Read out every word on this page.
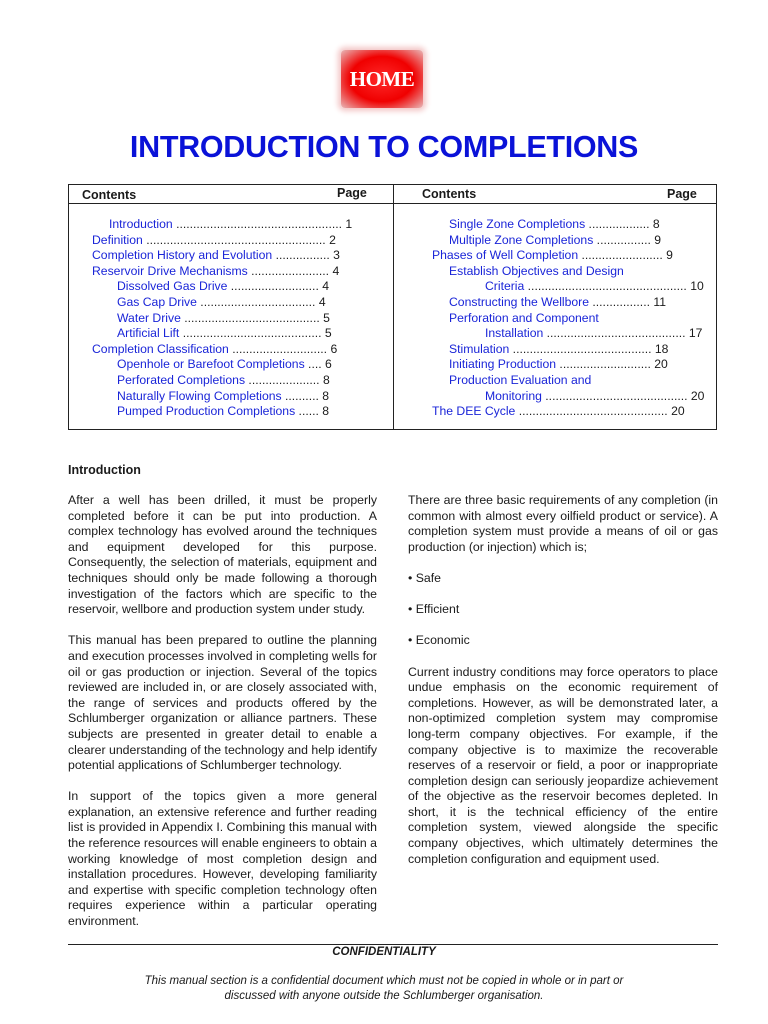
HOME
INTRODUCTION TO COMPLETIONS
Contents	Page	Contents	Page
Introduction ................................................. 1
Definition ..................................................... 2
Completion History and Evolution ................ 3
Reservoir Drive Mechanisms ....................... 4
Dissolved Gas Drive .......................... 4
Gas Cap Drive .................................. 4
Water Drive ........................................ 5
Artificial Lift ......................................... 5
Completion Classification ............................ 6
Openhole or Barefoot Completions .... 6
Perforated Completions ..................... 8
Naturally Flowing Completions .......... 8
Pumped Production Completions ...... 8
Single Zone Completions .................. 8
Multiple Zone Completions ................ 9
Phases of Well Completion ........................ 9
Establish Objectives and Design
Criteria ............................................... 10
Constructing the Wellbore ................. 11
Perforation and Component
Installation ......................................... 17
Stimulation ......................................... 18
Initiating Production ........................... 20
Production Evaluation and
Monitoring .......................................... 20
The DEE Cycle ............................................ 20
Introduction

After a well has been drilled, it must be properly completed before it can be put into production. A complex technology has evolved around the techniques and equipment developed for this purpose. Consequently, the selection of materials, equipment and techniques should only be made following a thorough investigation of the factors which are specific to the reservoir, wellbore and production system under study.

This manual has been prepared to outline the planning and execution processes involved in completing wells for oil or gas production or injection. Several of the topics reviewed are included in, or are closely associated with, the range of services and products offered by the Schlumberger organization or alliance partners. These subjects are presented in greater detail to enable a clearer understanding of the technology and help identify potential applications of Schlumberger technology.

In support of the topics given a more general explanation, an extensive reference and further reading list is provided in Appendix I. Combining this manual with the reference resources will enable engineers to obtain a working knowledge of most completion design and installation procedures. However, developing familiarity and expertise with specific completion technology often requires experience within a particular operating environment.

There are three basic requirements of any completion (in common with almost every oilfield product or service). A completion system must provide a means of oil or gas production (or injection) which is;

• Safe
• Efficient
• Economic

Current industry conditions may force operators to place undue emphasis on the economic requirement of completions. However, as will be demonstrated later, a non-optimized completion system may compromise long-term company objectives. For example, if the company objective is to maximize the recoverable reserves of a reservoir or field, a poor or inappropriate completion design can seriously jeopardize achievement of the objective as the reservoir becomes depleted. In short, it is the technical efficiency of the entire completion system, viewed alongside the specific company objectives, which ultimately determines the completion configuration and equipment used.

CONFIDENTIALITY
This manual section is a confidential document which must not be copied in whole or in part or
discussed with anyone outside the Schlumberger organisation.
